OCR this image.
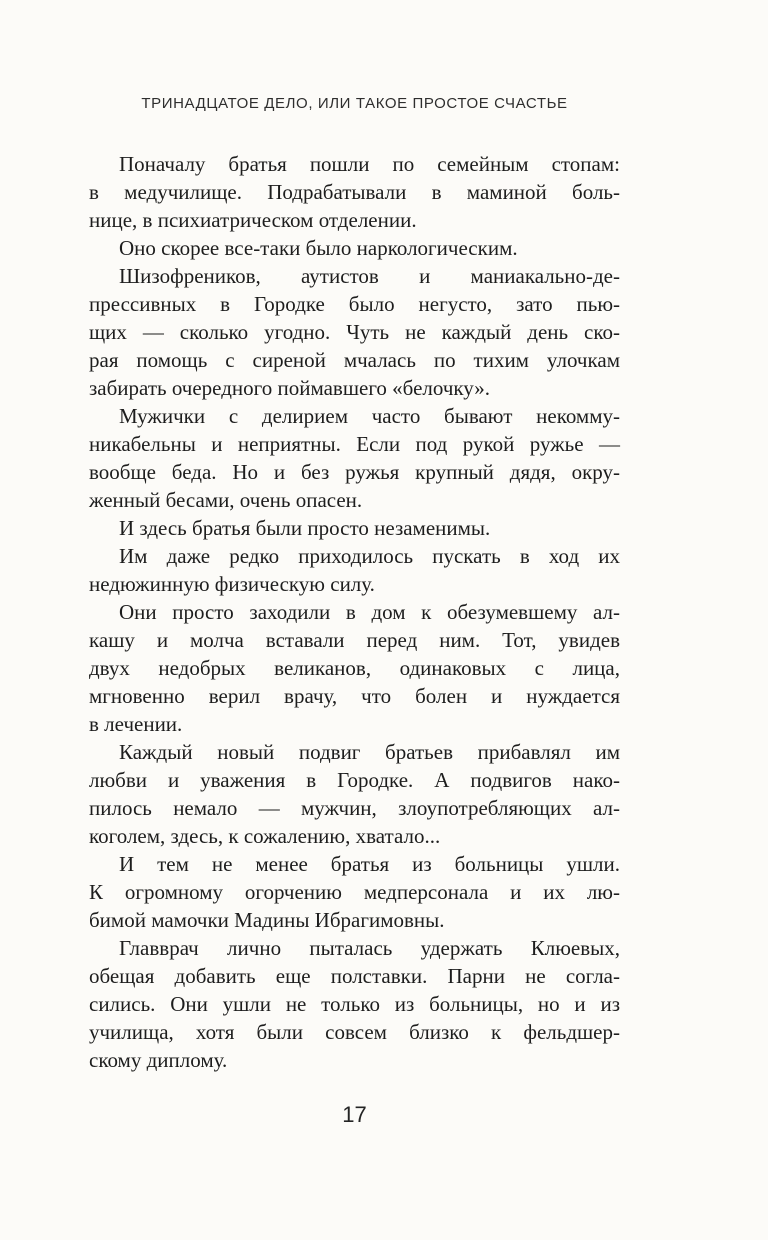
ТРИНАДЦАТОЕ ДЕЛО, ИЛИ ТАКОЕ ПРОСТОЕ СЧАСТЬЕ
Поначалу братья пошли по семейным стопам:
в медучилище. Подрабатывали в маминой боль-
нице, в психиатрическом отделении.
Оно скорее все-таки было наркологическим.
Шизофреников, аутистов и маниакально-де-
прессивных в Городке было негусто, зато пью-
щих — сколько угодно. Чуть не каждый день ско-
рая помощь с сиреной мчалась по тихим улочкам
забирать очередного поймавшего «белочку».
Мужички с делирием часто бывают некомму-
никабельны и неприятны. Если под рукой ружье —
вообще беда. Но и без ружья крупный дядя, окру-
женный бесами, очень опасен.
И здесь братья были просто незаменимы.
Им даже редко приходилось пускать в ход их
недюжинную физическую силу.
Они просто заходили в дом к обезумевшему ал-
кашу и молча вставали перед ним. Тот, увидев
двух недобрых великанов, одинаковых с лица,
мгновенно верил врачу, что болен и нуждается
в лечении.
Каждый новый подвиг братьев прибавлял им
любви и уважения в Городке. А подвигов нако-
пилось немало — мужчин, злоупотребляющих ал-
коголем, здесь, к сожалению, хватало...
И тем не менее братья из больницы ушли.
К огромному огорчению медперсонала и их лю-
бимой мамочки Мадины Ибрагимовны.
Главврач лично пыталась удержать Клюевых,
обещая добавить еще полставки. Парни не согла-
сились. Они ушли не только из больницы, но и из
училища, хотя были совсем близко к фельдшер-
скому диплому.
17
